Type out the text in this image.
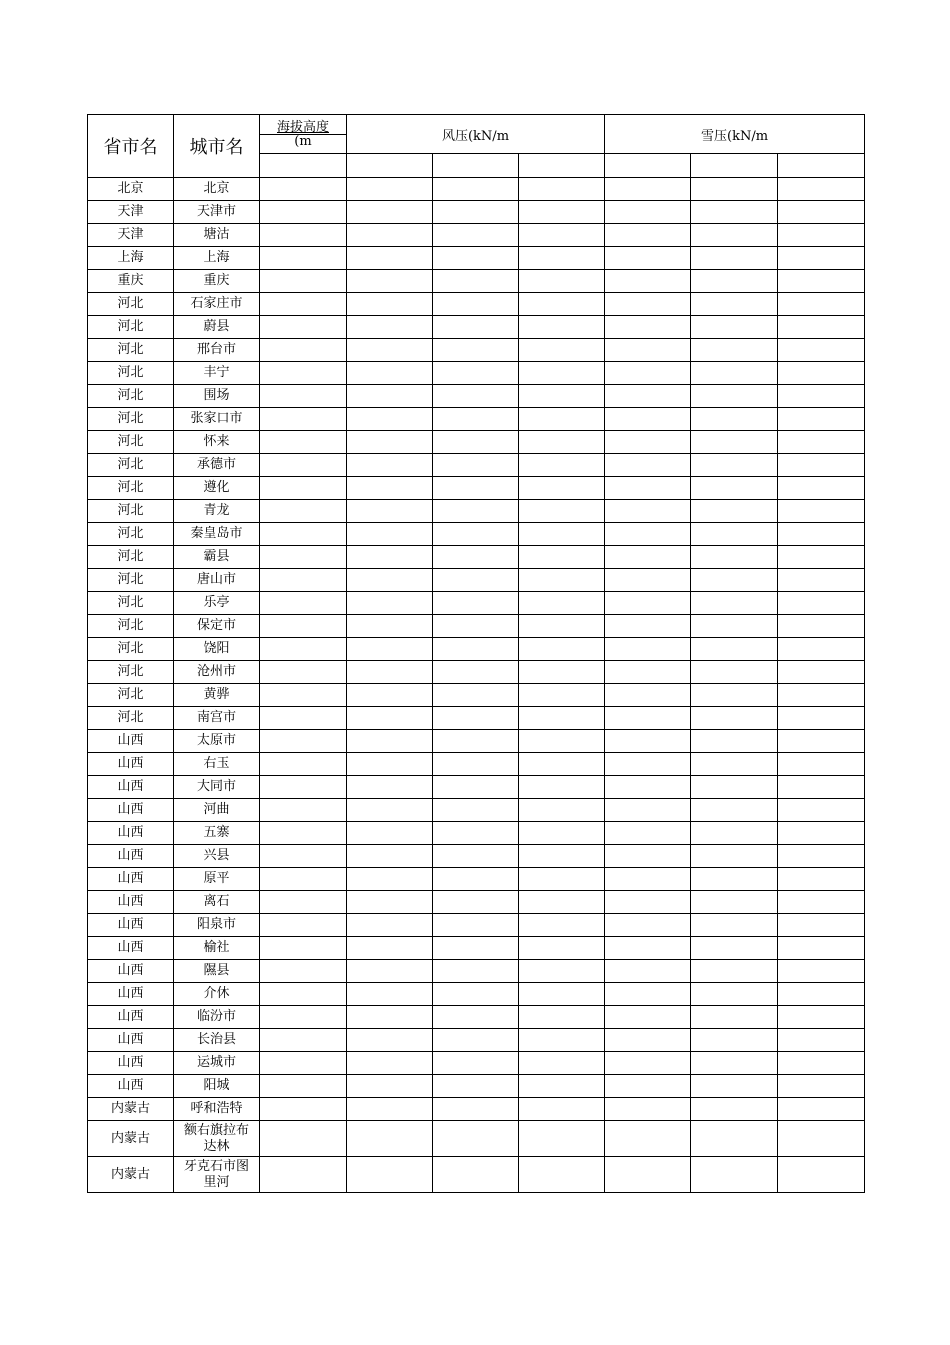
省市名	城市名	海拔高度	风压(kN/m			雪压(kN/m		
		(m						

北京	北京							
天津	天津市							
天津	塘沽							
上海	上海							
重庆	重庆							
河北	石家庄市							
河北	蔚县							
河北	邢台市							
河北	丰宁							
河北	围场							
河北	张家口市							
河北	怀来							
河北	承德市							
河北	遵化							
河北	青龙							
河北	秦皇岛市							
河北	霸县							
河北	唐山市							
河北	乐亭							
河北	保定市							
河北	饶阳							
河北	沧州市							
河北	黄骅							
河北	南宫市							
山西	太原市							
山西	右玉							
山西	大同市							
山西	河曲							
山西	五寨							
山西	兴县							
山西	原平							
山西	离石							
山西	阳泉市							
山西	榆社							
山西	隰县							
山西	介休							
山西	临汾市							
山西	长治县							
山西	运城市							
山西	阳城							
内蒙古	呼和浩特							
内蒙古	额右旗拉布
达林							

内蒙古	牙克石市图
里河							
